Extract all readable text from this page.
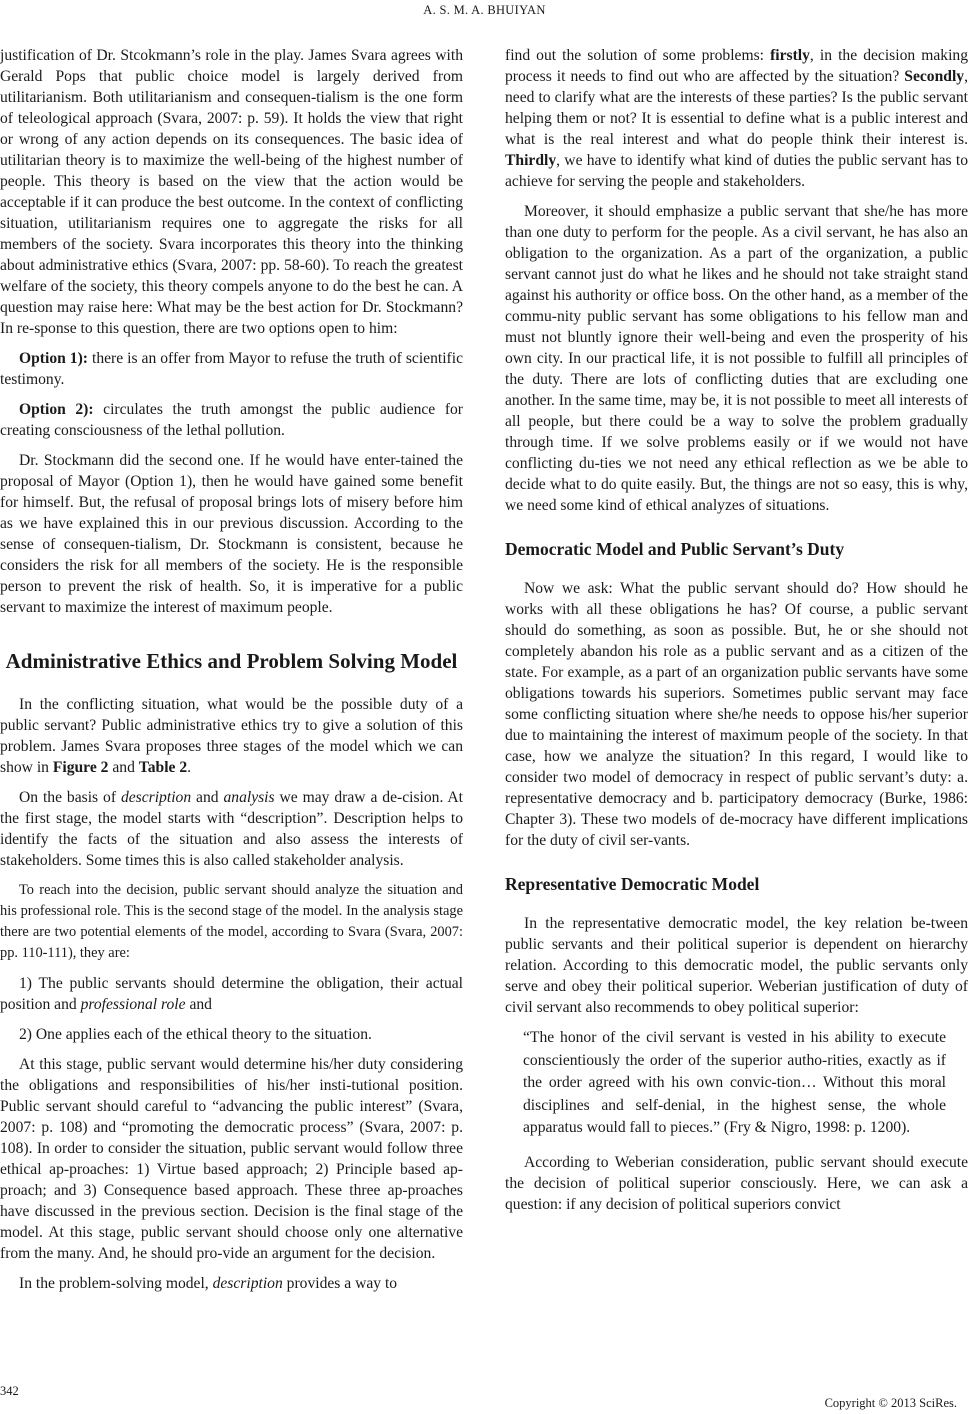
A. S. M. A. BHUIYAN

justification of Dr. Stcokmann’s role in the play. James Svara agrees with Gerald Pops that public choice model is largely derived from utilitarianism. Both utilitarianism and consequen-tialism is the one form of teleological approach (Svara, 2007: p. 59). It holds the view that right or wrong of any action depends on its consequences. The basic idea of utilitarian theory is to maximize the well-being of the highest number of people. This theory is based on the view that the action would be acceptable if it can produce the best outcome. In the context of conflicting situation, utilitarianism requires one to aggregate the risks for all members of the society. Svara incorporates this theory into the thinking about administrative ethics (Svara, 2007: pp. 58-60). To reach the greatest welfare of the society, this theory compels anyone to do the best he can. A question may raise here: What may be the best action for Dr. Stockmann? In re-sponse to this question, there are two options open to him:

Option 1): there is an offer from Mayor to refuse the truth of scientific testimony.

Option 2): circulates the truth amongst the public audience for creating consciousness of the lethal pollution.

Dr. Stockmann did the second one. If he would have enter-tained the proposal of Mayor (Option 1), then he would have gained some benefit for himself. But, the refusal of proposal brings lots of misery before him as we have explained this in our previous discussion. According to the sense of consequen-tialism, Dr. Stockmann is consistent, because he considers the risk for all members of the society. He is the responsible person to prevent the risk of health. So, it is imperative for a public servant to maximize the interest of maximum people.

Administrative Ethics and Problem Solving Model

In the conflicting situation, what would be the possible duty of a public servant? Public administrative ethics try to give a solution of this problem. James Svara proposes three stages of the model which we can show in Figure 2 and Table 2.

On the basis of description and analysis we may draw a de-cision. At the first stage, the model starts with “description”. Description helps to identify the facts of the situation and also assess the interests of stakeholders. Some times this is also called stakeholder analysis.

To reach into the decision, public servant should analyze the situation and his professional role. This is the second stage of the model. In the analysis stage there are two potential elements of the model, according to Svara (Svara, 2007: pp. 110-111), they are:

1) The public servants should determine the obligation, their actual position and professional role and

2) One applies each of the ethical theory to the situation.

At this stage, public servant would determine his/her duty considering the obligations and responsibilities of his/her insti-tutional position. Public servant should careful to “advancing the public interest” (Svara, 2007: p. 108) and “promoting the democratic process” (Svara, 2007: p. 108). In order to consider the situation, public servant would follow three ethical ap-proaches: 1) Virtue based approach; 2) Principle based ap-proach; and 3) Consequence based approach. These three ap-proaches have discussed in the previous section. Decision is the final stage of the model. At this stage, public servant should choose only one alternative from the many. And, he should pro-vide an argument for the decision.

In the problem-solving model, description provides a way to

find out the solution of some problems: firstly, in the decision making process it needs to find out who are affected by the situation? Secondly, need to clarify what are the interests of these parties? Is the public servant helping them or not? It is essential to define what is a public interest and what is the real interest and what do people think their interest is. Thirdly, we have to identify what kind of duties the public servant has to achieve for serving the people and stakeholders.

Moreover, it should emphasize a public servant that she/he has more than one duty to perform for the people. As a civil servant, he has also an obligation to the organization. As a part of the organization, a public servant cannot just do what he likes and he should not take straight stand against his authority or office boss. On the other hand, as a member of the commu-nity public servant has some obligations to his fellow man and must not bluntly ignore their well-being and even the prosperity of his own city. In our practical life, it is not possible to fulfill all principles of the duty. There are lots of conflicting duties that are excluding one another. In the same time, may be, it is not possible to meet all interests of all people, but there could be a way to solve the problem gradually through time. If we solve problems easily or if we would not have conflicting du-ties we not need any ethical reflection as we be able to decide what to do quite easily. But, the things are not so easy, this is why, we need some kind of ethical analyzes of situations.

Democratic Model and Public Servant’s Duty

Now we ask: What the public servant should do? How should he works with all these obligations he has? Of course, a public servant should do something, as soon as possible. But, he or she should not completely abandon his role as a public servant and as a citizen of the state. For example, as a part of an organization public servants have some obligations towards his superiors. Sometimes public servant may face some conflicting situation where she/he needs to oppose his/her superior due to maintaining the interest of maximum people of the society. In that case, how we analyze the situation? In this regard, I would like to consider two model of democracy in respect of public servant’s duty: a. representative democracy and b. participatory democracy (Burke, 1986: Chapter 3). These two models of de-mocracy have different implications for the duty of civil ser-vants.

Representative Democratic Model

In the representative democratic model, the key relation be-tween public servants and their political superior is dependent on hierarchy relation. According to this democratic model, the public servants only serve and obey their political superior. Weberian justification of duty of civil servant also recommends to obey political superior:

“The honor of the civil servant is vested in his ability to execute conscientiously the order of the superior autho-rities, exactly as if the order agreed with his own convic-tion… Without this moral disciplines and self-denial, in the highest sense, the whole apparatus would fall to pieces.” (Fry & Nigro, 1998: p. 1200).

According to Weberian consideration, public servant should execute the decision of political superior consciously. Here, we can ask a question: if any decision of political superiors convict

342
Copyright © 2013 SciRes.
